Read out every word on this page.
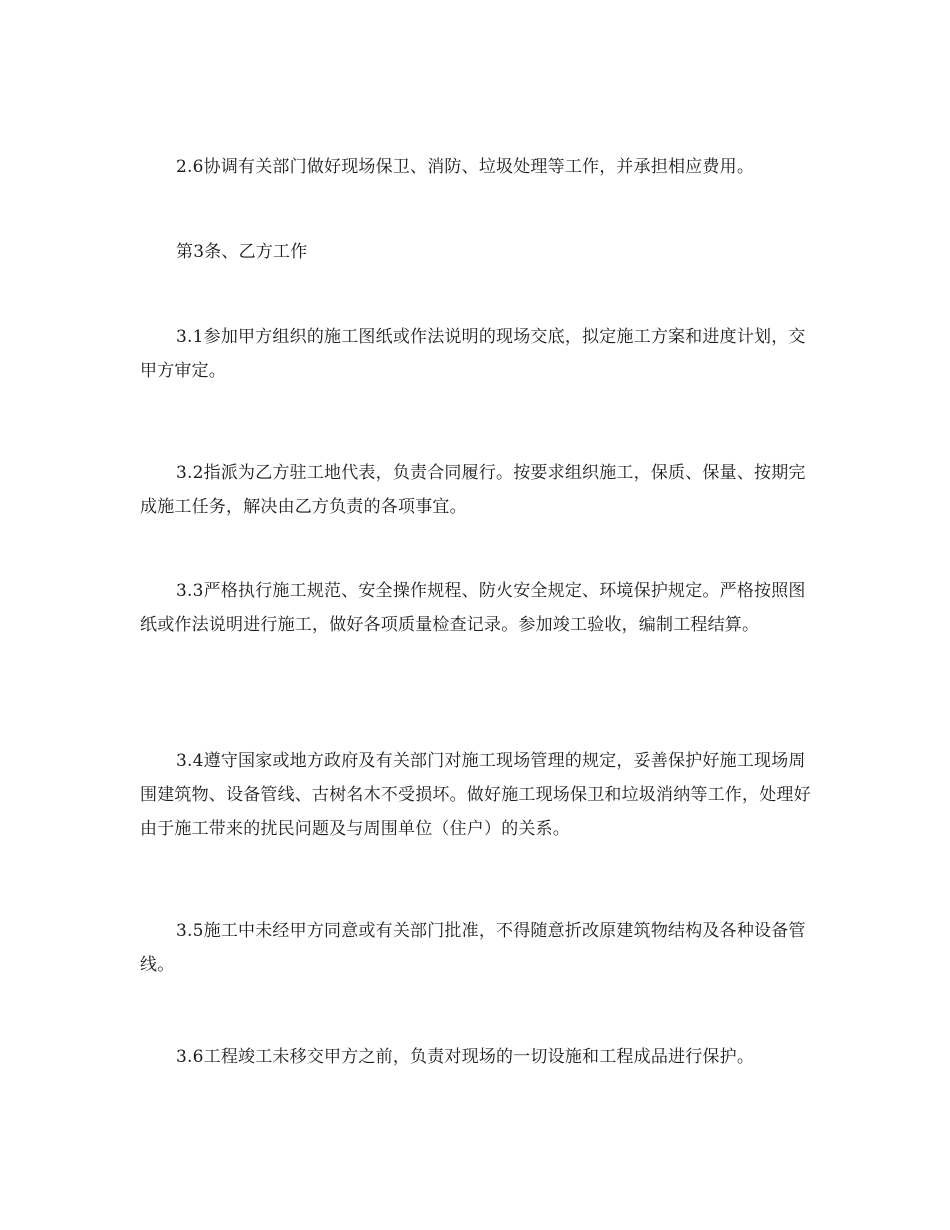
2.6协调有关部门做好现场保卫、消防、垃圾处理等工作，并承担相应费用。

第3条、乙方工作

3.1参加甲方组织的施工图纸或作法说明的现场交底，拟定施工方案和进度计划，交甲方审定。

3.2指派为乙方驻工地代表，负责合同履行。按要求组织施工，保质、保量、按期完成施工任务，解决由乙方负责的各项事宜。

3.3严格执行施工规范、安全操作规程、防火安全规定、环境保护规定。严格按照图纸或作法说明进行施工，做好各项质量检查记录。参加竣工验收，编制工程结算。

3.4遵守国家或地方政府及有关部门对施工现场管理的规定，妥善保护好施工现场周围建筑物、设备管线、古树名木不受损坏。做好施工现场保卫和垃圾消纳等工作，处理好由于施工带来的扰民问题及与周围单位（住户）的关系。

3.5施工中未经甲方同意或有关部门批准，不得随意折改原建筑物结构及各种设备管线。

3.6工程竣工未移交甲方之前，负责对现场的一切设施和工程成品进行保护。
